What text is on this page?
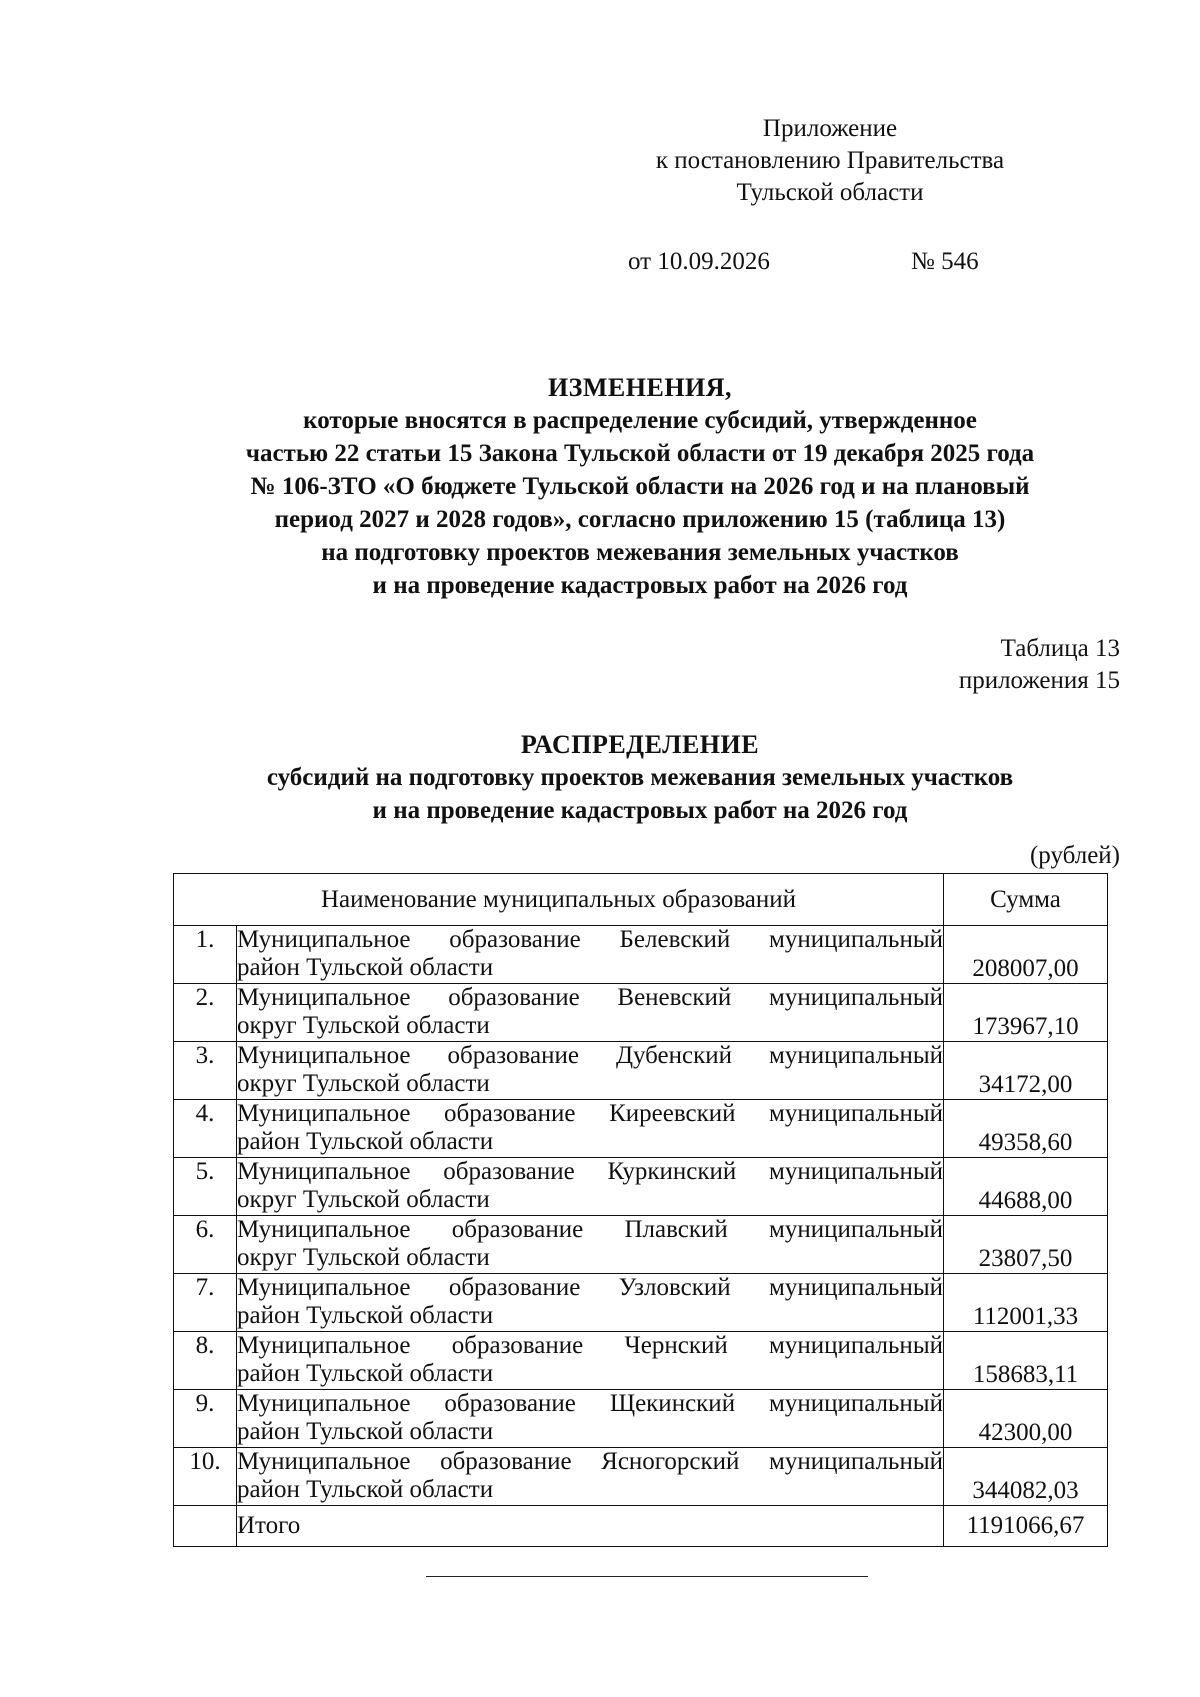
Приложение
к постановлению Правительства
Тульской области
от 10.09.2026	№ 546
ИЗМЕНЕНИЯ,
которые вносятся в распределение субсидий, утвержденное
частью 22 статьи 15 Закона Тульской области от 19 декабря 2025 года
№ 106-ЗТО «О бюджете Тульской области на 2026 год и на плановый
период 2027 и 2028 годов», согласно приложению 15 (таблица 13)
на подготовку проектов межевания земельных участков
и на проведение кадастровых работ на 2026 год
Таблица 13
приложения 15
РАСПРЕДЕЛЕНИЕ
субсидий на подготовку проектов межевания земельных участков
и на проведение кадастровых работ на 2026 год
(рублей)
Наименование муниципальных образований		Сумма
1.	Муниципальное образование Белевский муниципальный
район Тульской области	208007,00
2.	Муниципальное образование Веневский муниципальный
округ Тульской области	173967,10
3.	Муниципальное образование Дубенский муниципальный
округ Тульской области	34172,00
4.	Муниципальное образование Киреевский муниципальный
район Тульской области	49358,60
5.	Муниципальное образование Куркинский муниципальный
округ Тульской области	44688,00
6.	Муниципальное образование Плавский муниципальный
округ Тульской области	23807,50
7.	Муниципальное образование Узловский муниципальный
район Тульской области	112001,33
8.	Муниципальное образование Чернский муниципальный
район Тульской области	158683,11
9.	Муниципальное образование Щекинский муниципальный
район Тульской области	42300,00
10.	Муниципальное образование Ясногорский муниципальный
район Тульской области	344082,03
	Итого	1191066,67
